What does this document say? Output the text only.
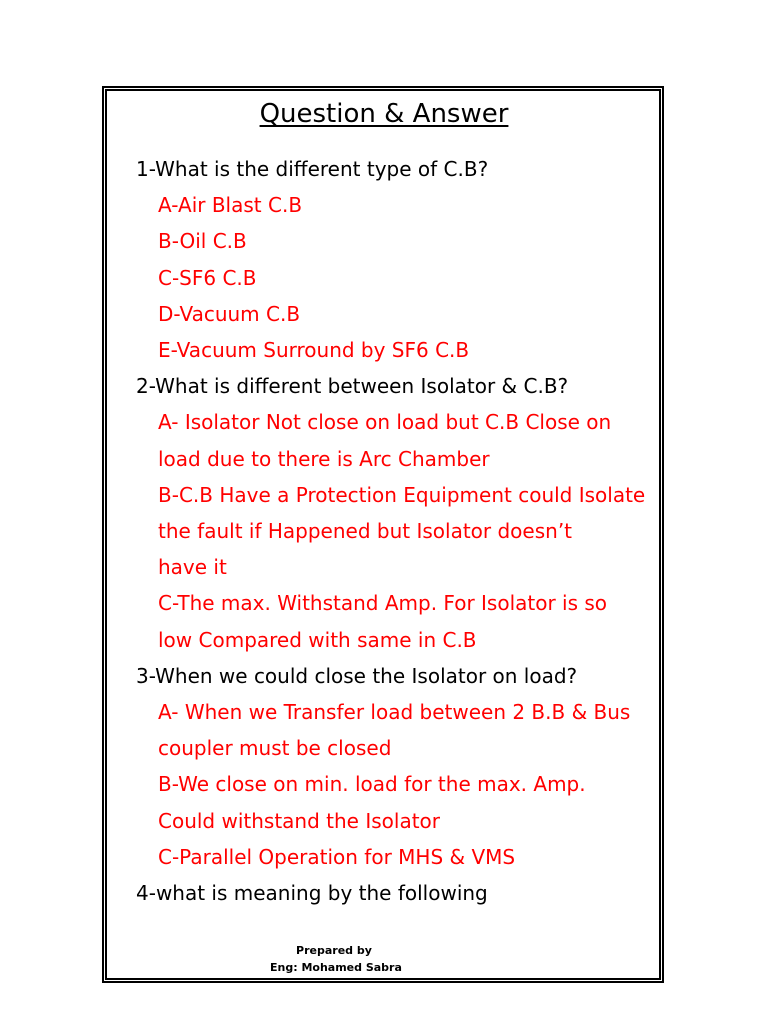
Question & Answer
1-What is the different type of C.B?
A-Air Blast C.B
B-Oil C.B
C-SF6 C.B
D-Vacuum C.B
E-Vacuum Surround by SF6 C.B
2-What is different between Isolator & C.B?
A- Isolator Not close on load but C.B Close on
load due to there is Arc Chamber
B-C.B Have a Protection Equipment could Isolate
the fault if Happened but Isolator doesn’t
have it
C-The max. Withstand Amp. For Isolator is so
low Compared with same in C.B
3-When we could close the Isolator on load?
A- When we Transfer load between 2 B.B & Bus
coupler must be closed
B-We close on min. load for the max. Amp.
Could withstand the Isolator
C-Parallel Operation for MHS & VMS
4-what is meaning by the following
Prepared by
Eng: Mohamed Sabra
